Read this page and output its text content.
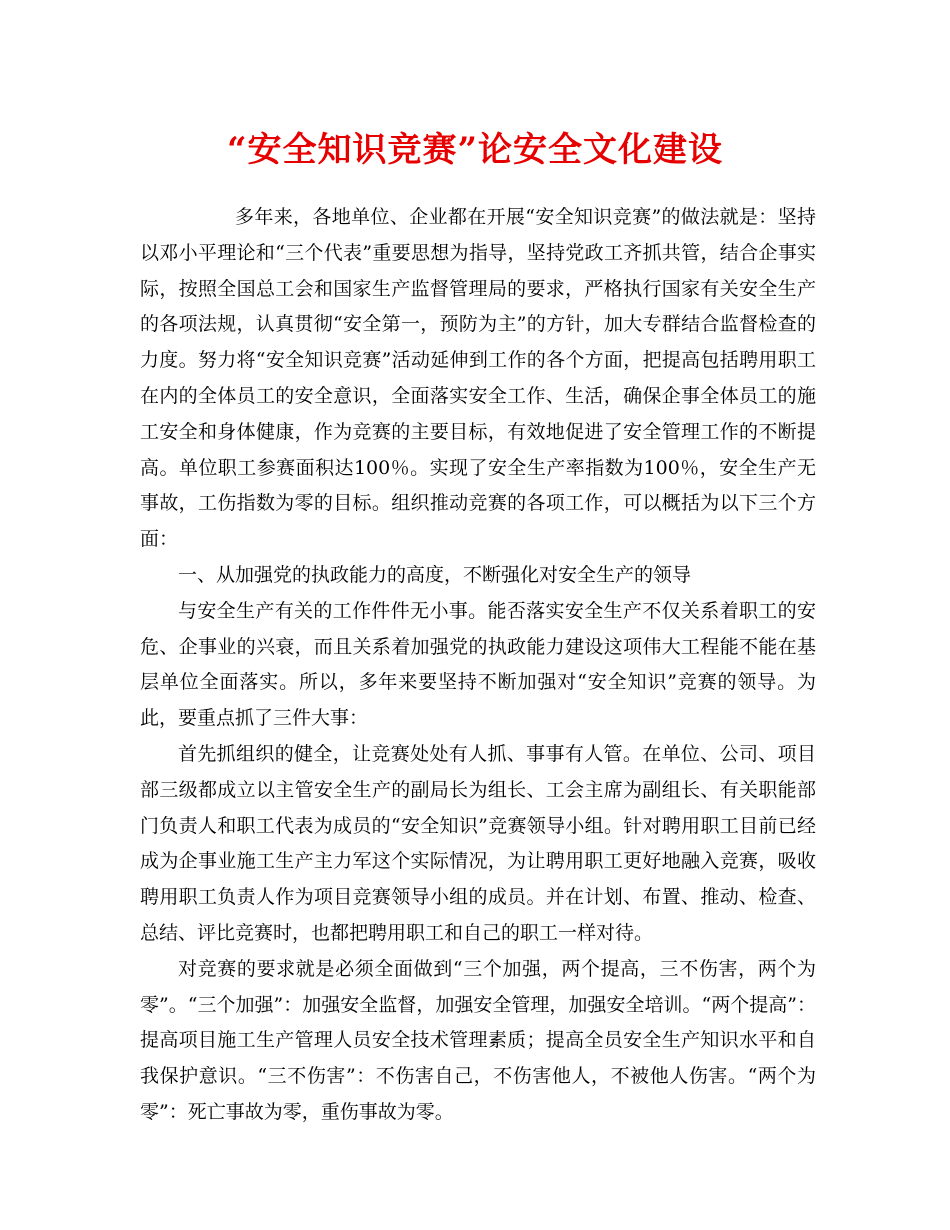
“安全知识竞赛”论安全文化建设

多年来，各地单位、企业都在开展“安全知识竞赛”的做法就是：坚持以邓小平理论和“三个代表”重要思想为指导，坚持党政工齐抓共管，结合企事实际，按照全国总工会和国家生产监督管理局的要求，严格执行国家有关安全生产的各项法规，认真贯彻“安全第一，预防为主”的方针，加大专群结合监督检查的力度。努力将“安全知识竞赛”活动延伸到工作的各个方面，把提高包括聘用职工在内的全体员工的安全意识，全面落实安全工作、生活，确保企事全体员工的施工安全和身体健康，作为竞赛的主要目标，有效地促进了安全管理工作的不断提高。单位职工参赛面积达100％。实现了安全生产率指数为100％，安全生产无事故，工伤指数为零的目标。组织推动竞赛的各项工作，可以概括为以下三个方面：

一、从加强党的执政能力的高度，不断强化对安全生产的领导

与安全生产有关的工作件件无小事。能否落实安全生产不仅关系着职工的安危、企事业的兴衰，而且关系着加强党的执政能力建设这项伟大工程能不能在基层单位全面落实。所以，多年来要坚持不断加强对“安全知识”竞赛的领导。为此，要重点抓了三件大事：

首先抓组织的健全，让竞赛处处有人抓、事事有人管。在单位、公司、项目部三级都成立以主管安全生产的副局长为组长、工会主席为副组长、有关职能部门负责人和职工代表为成员的“安全知识”竞赛领导小组。针对聘用职工目前已经成为企事业施工生产主力军这个实际情况，为让聘用职工更好地融入竞赛，吸收聘用职工负责人作为项目竞赛领导小组的成员。并在计划、布置、推动、检查、总结、评比竞赛时，也都把聘用职工和自己的职工一样对待。

对竞赛的要求就是必须全面做到“三个加强，两个提高，三不伤害，两个为零”。“三个加强”：加强安全监督，加强安全管理，加强安全培训。“两个提高”：提高项目施工生产管理人员安全技术管理素质；提高全员安全生产知识水平和自我保护意识。“三不伤害”：不伤害自己，不伤害他人，不被他人伤害。“两个为零”：死亡事故为零，重伤事故为零。
